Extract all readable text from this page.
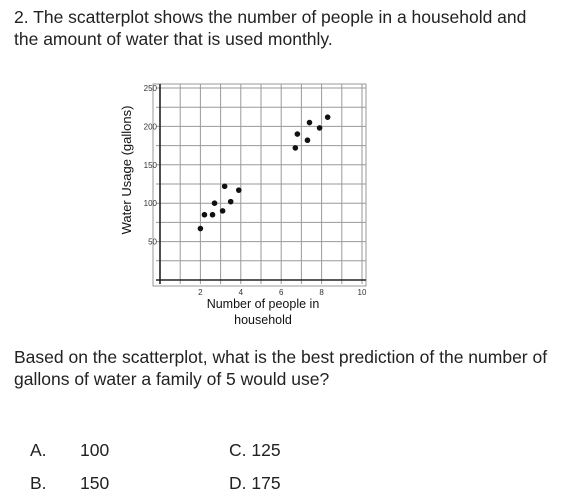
2. The scatterplot shows the number of people in a household and the amount of water that is used monthly.

2	4	6	8	10
50
100
150
200
250
Water Usage (gallons)
Number of people in
household

Based on the scatterplot, what is the best prediction of the number of gallons of water a family of 5 would use?

A. 100	C. 125
B. 150	D. 175
